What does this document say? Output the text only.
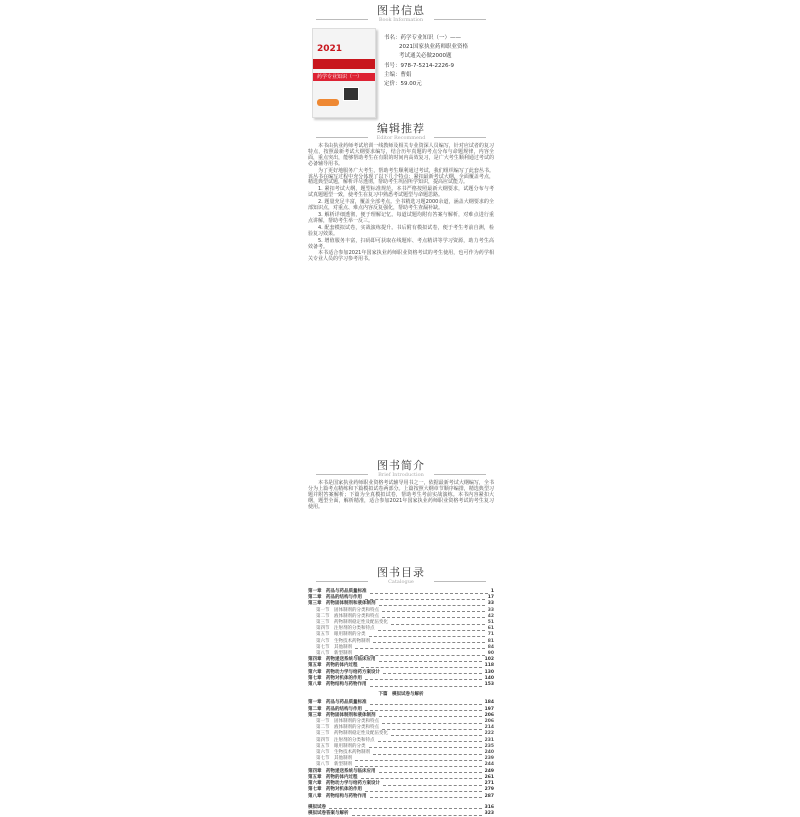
图书信息
Book Information
2021
药学专业知识（一）
书名：药学专业知识（一）——
2021国家执业药师职业资格
考试通关必做2000题
书号：978-7-5214-2226-9
主编：曹娟
定价：59.00元
编辑推荐
Editor Recommend

本书由执业药师考试培训一线教师及相关专业资深人员编写，针对应试者的复习特点，按照最新考试大纲要求编写，结合历年真题的考点分布与命题规律，内容全面，重点突出，能够帮助考生在有限的时间内高效复习，是广大考生顺利通过考试的必备辅导用书。

为了更好地服务广大考生，帮助考生顺利通过考试，我们组织编写了此套丛书。该丛书在编写过程中充分体现了以下几个特点：紧扣最新考试大纲，全面覆盖考点，精选典型试题，解析详尽透彻，帮助考生巩固所学知识，提高应试能力。

1. 紧扣考试大纲，题型标准规范。本书严格按照最新大纲要求，试题分布与考试真题题型一致，使考生在复习中熟悉考试题型与命题思路。

2. 题量充足丰富，覆盖全部考点。全书精选习题2000余道，涵盖大纲要求的全部知识点，对重点、难点内容反复强化，帮助考生查漏补缺。

3. 解析详细透彻，便于理解记忆。每道试题均附有答案与解析，对难点进行重点讲解，帮助考生举一反三。

4. 配套模拟试卷，实战演练提升。书后附有模拟试卷，便于考生考前自测，检验复习效果。

5. 增值服务丰富，扫码即可获取在线题库、考点精讲等学习资源，助力考生高效备考。

本书适合参加2021年国家执业药师职业资格考试的考生使用，也可作为药学相关专业人员的学习参考用书。

图书简介
Brief Introduction

本书是国家执业药师职业资格考试辅导用书之一，依据最新考试大纲编写，全书分为上篇考点精练和下篇模拟试卷两部分。上篇按照大纲章节顺序编排，精选典型习题并附答案解析；下篇为全真模拟试卷，帮助考生考前实战演练。本书内容紧扣大纲，题型全面，解析精准，适合参加2021年国家执业药师职业资格考试的考生复习使用。

图书目录
Catalogue
第一章　药品与药品质量标准	1
第二章　药品的结构与作用	17
第三章　药物固体制剂和液体制剂	33
第一节　固体制剂的分类和特点	33
第二节　液体制剂的分类和特点	42
第三节　药物制剂稳定性及配伍变化	51
第四节　注射剂的分类和特点	61
第五节　眼用制剂的分类	71
第六节　生物技术药物制剂	81
第七节　其他制剂	84
第八节　新型制剂	90
第四章　药物递送系统与临床应用	102
第五章　药物的体内过程	118
第六章　药物动力学与给药方案设计	130
第七章　药物对机体的作用	140
第八章　药物结构与药物作用	153
下篇　模拟试卷与解析
第一章　药品与药品质量标准	184
第二章　药品的结构与作用	197
第三章　药物固体制剂和液体制剂	206
第一节　固体制剂的分类和特点	206
第二节　液体制剂的分类和特点	214
第三节　药物制剂稳定性及配伍变化	222
第四节　注射剂的分类和特点	231
第五节　眼用制剂的分类	235
第六节　生物技术药物制剂	240
第七节　其他制剂	239
第八节　新型制剂	244
第四章　药物递送系统与临床应用	249
第五章　药物的体内过程	261
第六章　药物动力学与给药方案设计	271
第七章　药物对机体的作用	279
第八章　药物结构与药物作用	287
模拟试卷	316
模拟试卷答案与解析	323
